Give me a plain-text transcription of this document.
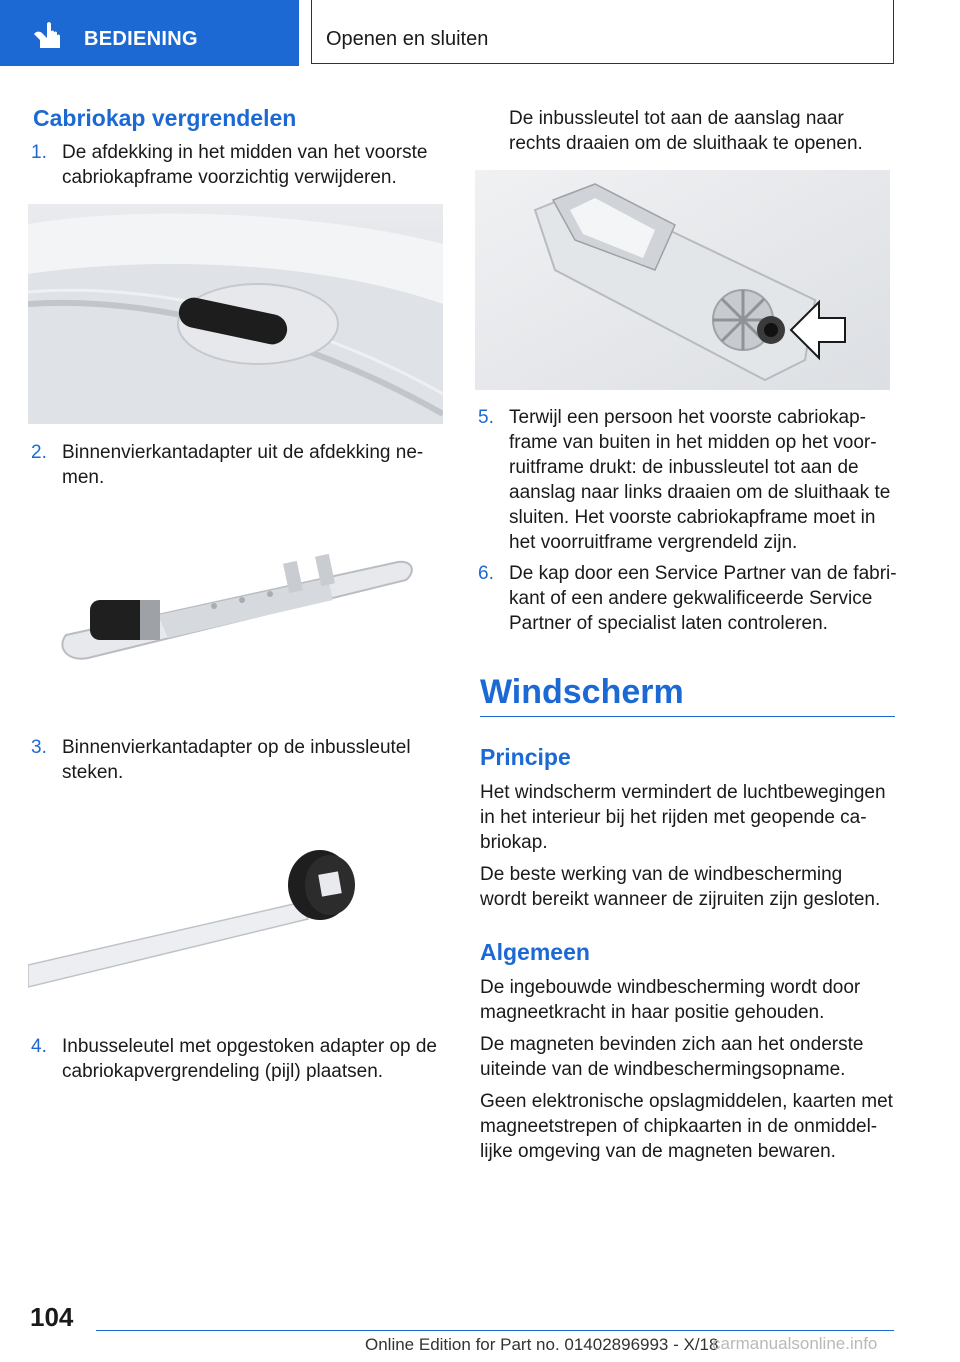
BEDIENING	Openen en sluiten
Cabriokap vergrendelen
1. De afdekking in het midden van het voorste
cabriokapframe voorzichtig verwijderen.
2. Binnenvierkantadapter uit de afdekking ne‐
men.
3. Binnenvierkantadapter op de inbussleutel
steken.
4. Inbusseleutel met opgestoken adapter op de
cabriokapvergrendeling (pijl) plaatsen.
De inbussleutel tot aan de aanslag naar
rechts draaien om de sluithaak te openen.
5. Terwijl een persoon het voorste cabriokap‐
frame van buiten in het midden op het voor‐
ruitframe drukt: de inbussleutel tot aan de
aanslag naar links draaien om de sluithaak te
sluiten. Het voorste cabriokapframe moet in
het voorruitframe vergrendeld zijn.
6. De kap door een Service Partner van de fabri‐
kant of een andere gekwalificeerde Service
Partner of specialist laten controleren.
Windscherm
Principe
Het windscherm vermindert de luchtbewegingen
in het interieur bij het rijden met geopende ca‐
briokap.
De beste werking van de windbescherming
wordt bereikt wanneer de zijruiten zijn gesloten.
Algemeen
De ingebouwde windbescherming wordt door
magneetkracht in haar positie gehouden.
De magneten bevinden zich aan het onderste
uiteinde van de windbeschermingsopname.
Geen elektronische opslagmiddelen, kaarten met
magneetstrepen of chipkaarten in de onmiddel‐
lijke omgeving van de magneten bewaren.
104
Online Edition for Part no. 01402896993 - X/18
carmanualsonline.info
